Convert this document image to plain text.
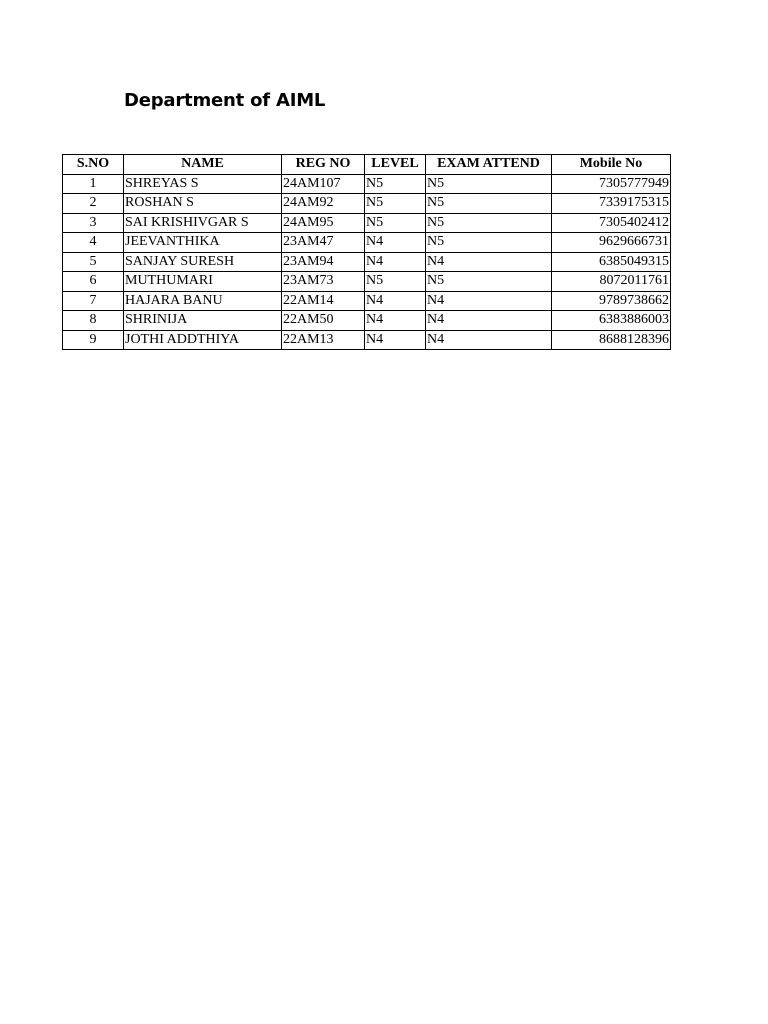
Department of AIML
S.NO	NAME	REG NO	LEVEL	EXAM ATTEND	Mobile No
1	SHREYAS S	24AM107	N5	N5	7305777949
2	ROSHAN S	24AM92	N5	N5	7339175315
3	SAI KRISHIVGAR S	24AM95	N5	N5	7305402412
4	JEEVANTHIKA	23AM47	N4	N5	9629666731
5	SANJAY SURESH	23AM94	N4	N4	6385049315
6	MUTHUMARI	23AM73	N5	N5	8072011761
7	HAJARA BANU	22AM14	N4	N4	9789738662
8	SHRINIJA	22AM50	N4	N4	6383886003
9	JOTHI ADDTHIYA	22AM13	N4	N4	8688128396
